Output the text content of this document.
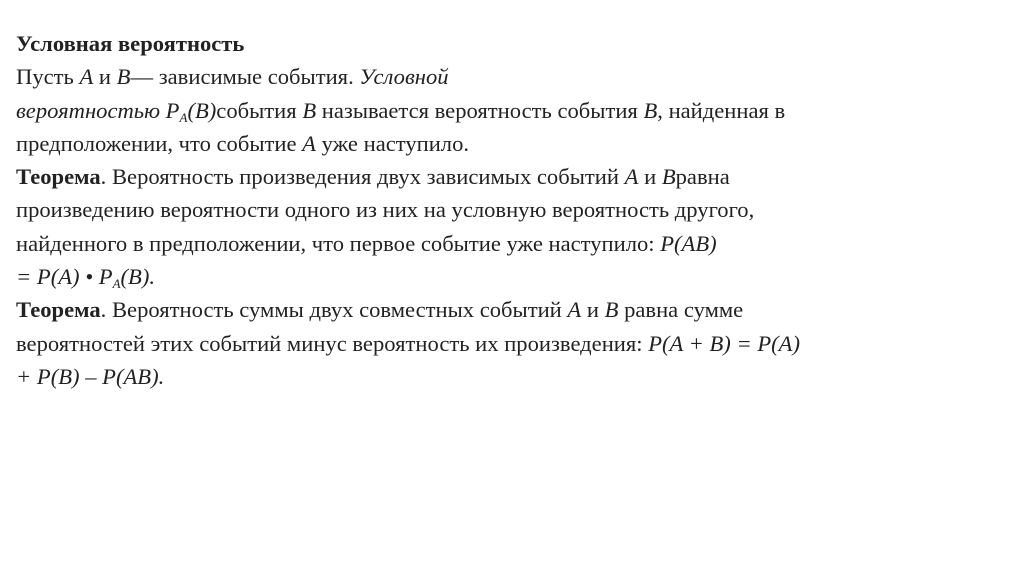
Условная вероятность
Пусть A и B— зависимые события. Условной
вероятностью $P_A(B)события$ B называется вероятность события B, найденная в
предположении, что событие A уже наступило.
Теорема. Вероятность произведения двух зависимых событий A и Bравна
произведению вероятности одного из них на условную вероятность другого,
найденного в предположении, что первое событие уже наступило: P(AB)
= P(A) • $P_A(B)$.
Теорема. Вероятность суммы двух совместных событий A и B равна сумме
вероятностей этих событий минус вероятность их произведения: P(A + B) = P(A)
+ P(B) – P(AB).
